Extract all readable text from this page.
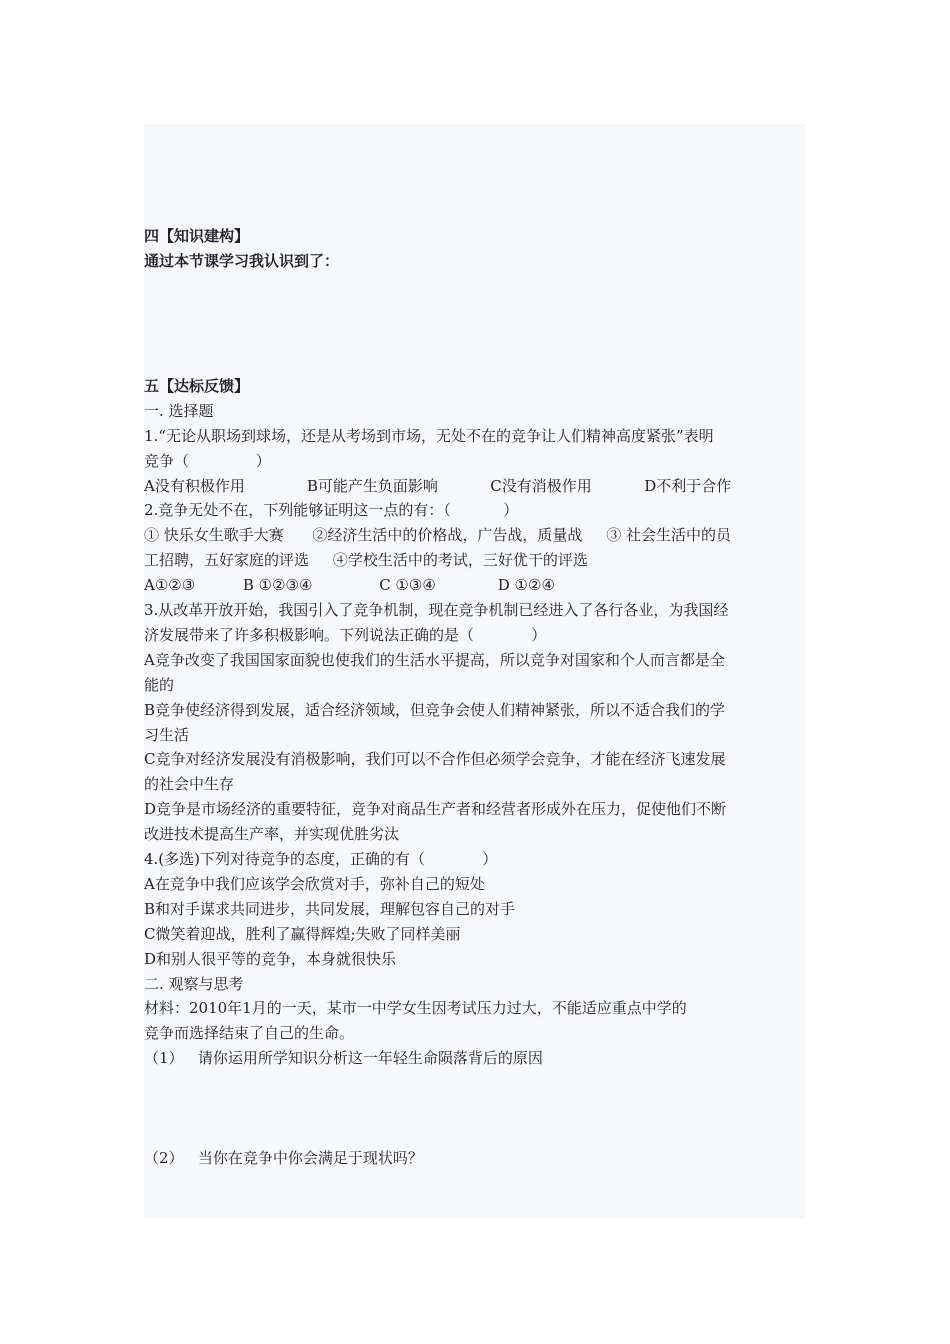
四【知识建构】
通过本节课学习我认识到了：
五【达标反馈】
一. 选择题
1.“无论从职场到球场，还是从考场到市场，无处不在的竞争让人们精神高度紧张”表明
竞争（              ）
A没有积极作用             B可能产生负面影响           C没有消极作用           D不利于合作
2.竞争无处不在，下列能够证明这一点的有：（           ）
① 快乐女生歌手大赛      ②经济生活中的价格战，广告战，质量战     ③ 社会生活中的员
工招聘，五好家庭的评选     ④学校生活中的考试，三好优干的评选
A①②③          B ①②③④              C ①③④             D ①②④
3.从改革开放开始，我国引入了竞争机制，现在竞争机制已经进入了各行各业，为我国经
济发展带来了许多积极影响。下列说法正确的是（            ）
A竞争改变了我国国家面貌也使我们的生活水平提高，所以竞争对国家和个人而言都是全
能的
B竞争使经济得到发展，适合经济领域，但竞争会使人们精神紧张，所以不适合我们的学
习生活
C竞争对经济发展没有消极影响，我们可以不合作但必须学会竞争，才能在经济飞速发展
的社会中生存
D竞争是市场经济的重要特征，竞争对商品生产者和经营者形成外在压力，促使他们不断
改进技术提高生产率，并实现优胜劣汰
4.(多选)下列对待竞争的态度，正确的有（            ）
A在竞争中我们应该学会欣赏对手，弥补自己的短处
B和对手谋求共同进步，共同发展，理解包容自己的对手
C微笑着迎战，胜利了赢得辉煌;失败了同样美丽
D和别人很平等的竞争，本身就很快乐
二. 观察与思考
材料：2010年1月的一天，某市一中学女生因考试压力过大，不能适应重点中学的
竞争而选择结束了自己的生命。
（1）   请你运用所学知识分析这一年轻生命陨落背后的原因
（2）   当你在竞争中你会满足于现状吗？
